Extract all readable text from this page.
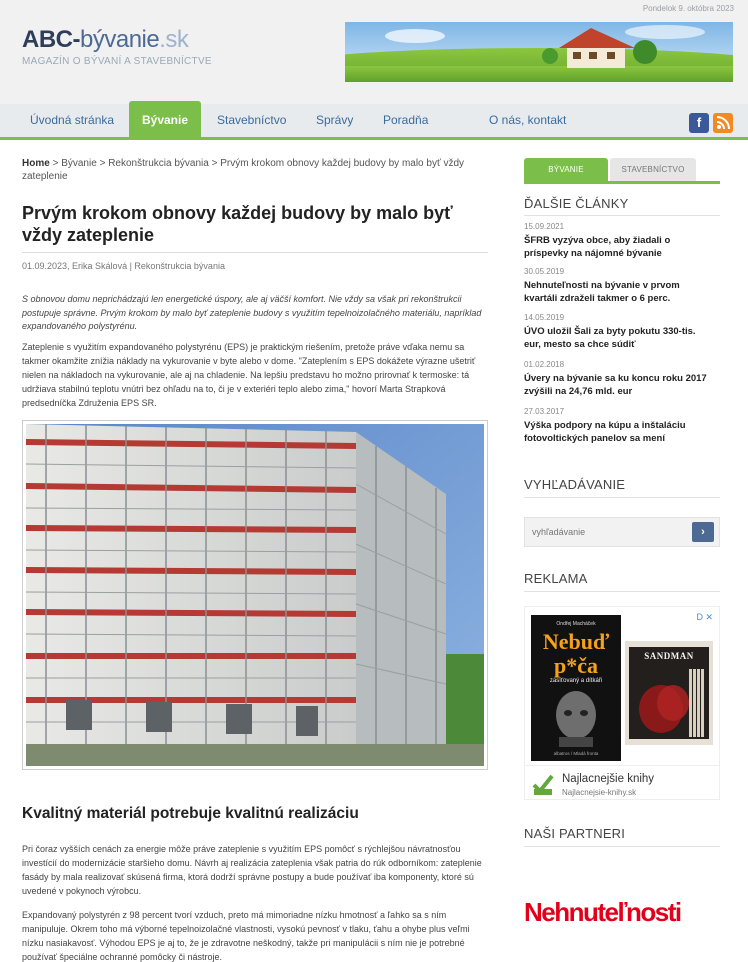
Pondelok 9. októbra 2023
ABC-bývanie.sk
MAGAZÍN O BÝVANÍ A STAVEBNÍCTVE
Úvodná stránka	Bývanie	Stavebníctvo Správy Poradňa	O nás, kontakt	f
Home > Bývanie > Rekonštrukcia bývania > Prvým krokom obnovy každej budovy by malo byť vždy zateplenie
Prvým krokom obnovy každej budovy by malo byť vždy zateplenie
01.09.2023, Erika Skálová | Rekonštrukcia bývania

S obnovou domu neprichádzajú len energetické úspory, ale aj väčší komfort. Nie vždy sa však pri rekonštrukcii postupuje správne. Prvým krokom by malo byť zateplenie budovy s využitím tepelnoizolačného materiálu, napríklad expandovaného polystyrénu.

Zateplenie s využitím expandovaného polystyrénu (EPS) je praktickým riešením, pretože práve vďaka nemu sa takmer okamžite znížia náklady na vykurovanie v byte alebo v dome. "Zateplením s EPS dokážete výrazne ušetriť nielen na nákladoch na vykurovanie, ale aj na chladenie. Na lepšiu predstavu ho možno prirovnať k termoske: tá udržiava stabilnú teplotu vnútri bez ohľadu na to, či je v exteriéri teplo alebo zima," hovorí Marta Strapková predsedníčka Združenia EPS SR.

Kvalitný materiál potrebuje kvalitnú realizáciu

Pri čoraz vyšších cenách za energie môže práve zateplenie s využitím EPS pomôcť s rýchlejšou návratnosťou investícií do modernizácie staršieho domu. Návrh aj realizácia zateplenia však patria do rúk odborníkom: zateplenie fasády by mala realizovať skúsená firma, ktorá dodrží správne postupy a bude používať iba komponenty, ktoré sú uvedené v pokynoch výrobcu.

Expandovaný polystyrén z 98 percent tvorí vzduch, preto má mimoriadne nízku hmotnosť a ľahko sa s ním manipuluje. Okrem toho má výborné tepelnoizolačné vlastnosti, vysokú pevnosť v tlaku, ťahu a ohybe plus veľmi nízku nasiakavosť. Výhodou EPS je aj to, že je zdravotne neškodný, takže pri manipulácii s ním nie je potrebné používať špeciálne ochranné pomôcky či nástroje.

BÝVANIE	STAVEBNÍCTVO
ĎALŠIE ČLÁNKY
15.09.2021
ŠFRB vyzýva obce, aby žiadali o príspevky na nájomné bývanie
30.05.2019
Nehnuteľnosti na bývanie v prvom kvartáli zdraželi takmer o 6 perc.
14.05.2019
ÚVO uložil Šali za byty pokutu 330-tis. eur, mesto sa chce súdiť
01.02.2018
Úvery na bývanie sa ku koncu roku 2017 zvýšili na 24,76 mld. eur
27.03.2017
Výška podpory na kúpu a inštaláciu fotovoltických panelov sa mení
VYHĽADÁVANIE
vyhľadávanie
›
REKLAMA
D ✕
Ondřej Macháček
Nebuď
p*ča
zasíťovaný a dítkáři
albatros / Mladá fronta
SANDMAN
Najlacnejšie knihy
Najlacnejsie-knihy.sk
NAŠI PARTNERI
Nehnuteľnosti
